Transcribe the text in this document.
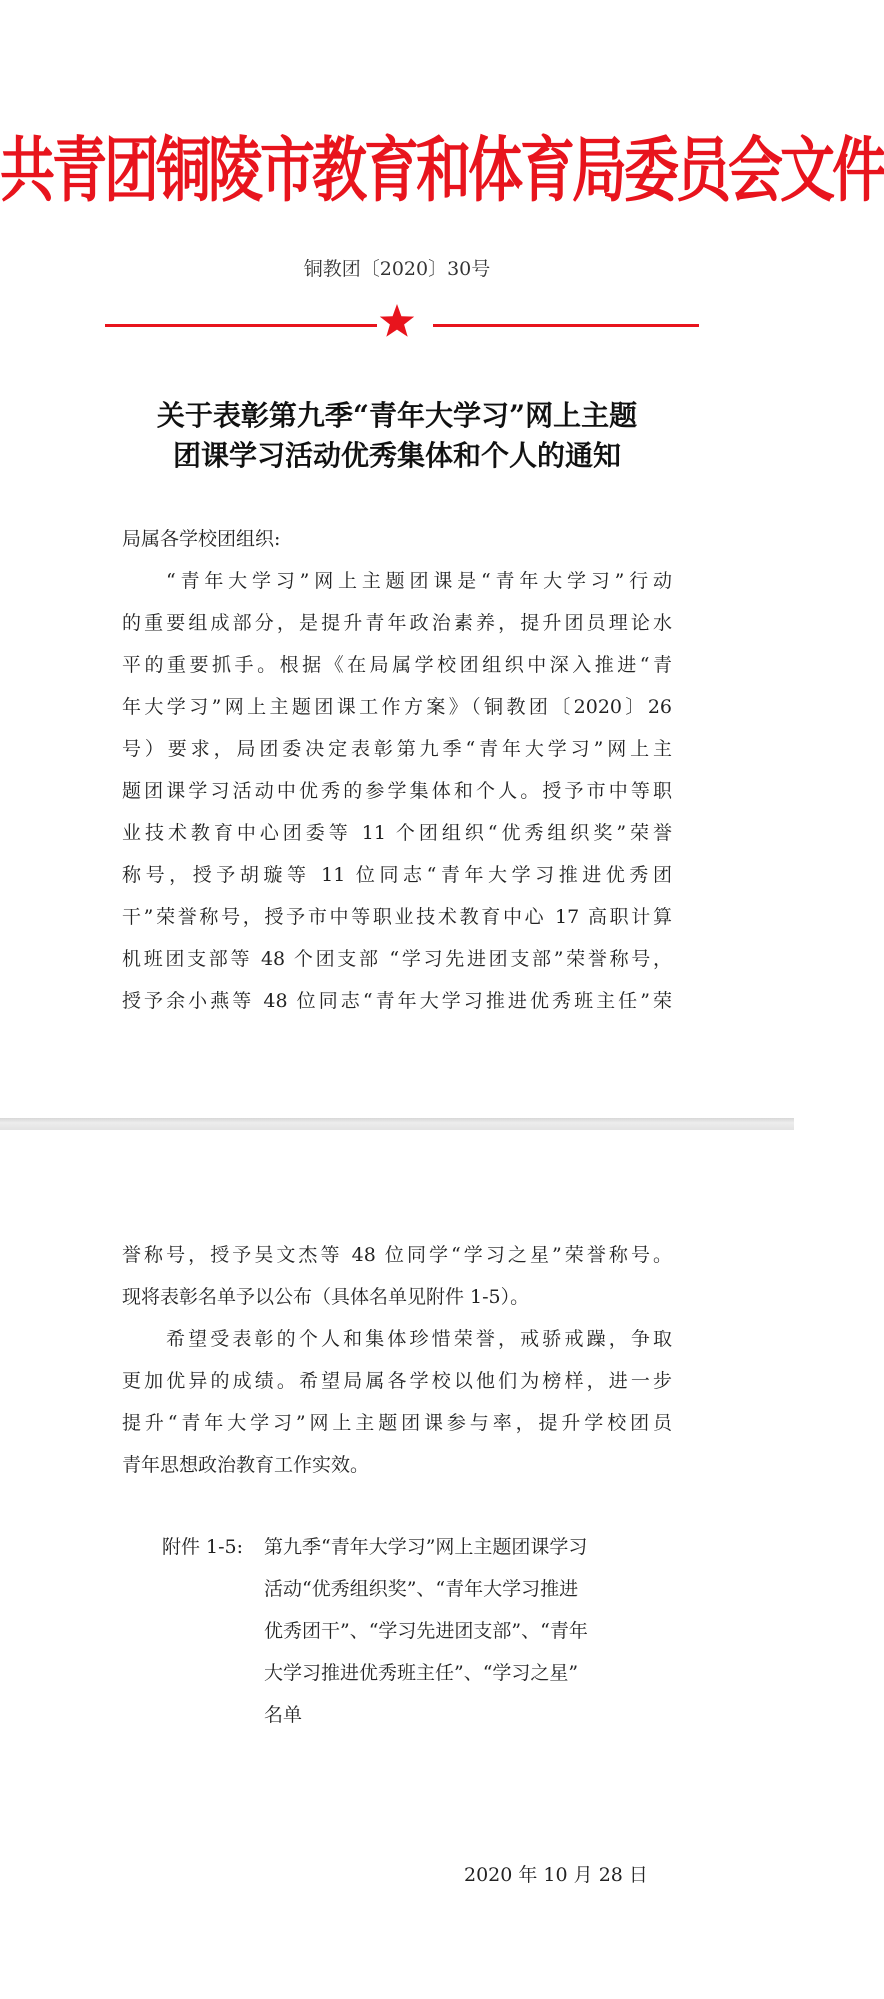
共青团铜陵市教育和体育局委员会文件
铜教团〔2020〕30号
关于表彰第九季“青年大学习”网上主题
团课学习活动优秀集体和个人的通知
局属各学校团组织:
“青年大学习”网上主题团课是“青年大学习”行动
的重要组成部分，是提升青年政治素养，提升团员理论水
平的重要抓手。根据《在局属学校团组织中深入推进“青
年大学习”网上主题团课工作方案》（铜教团〔2020〕26
号）要求，局团委决定表彰第九季“青年大学习”网上主
题团课学习活动中优秀的参学集体和个人。授予市中等职
业技术教育中心团委等 11 个团组织“优秀组织奖”荣誉
称号，授予胡璇等 11 位同志“青年大学习推进优秀团
干”荣誉称号，授予市中等职业技术教育中心 17 高职计算
机班团支部等 48 个团支部 “学习先进团支部”荣誉称号，
授予余小燕等 48 位同志“青年大学习推进优秀班主任”荣
誉称号，授予吴文杰等 48 位同学“学习之星”荣誉称号。
现将表彰名单予以公布（具体名单见附件 1-5）。
希望受表彰的个人和集体珍惜荣誉，戒骄戒躁，争取
更加优异的成绩。希望局属各学校以他们为榜样，进一步
提升“青年大学习”网上主题团课参与率，提升学校团员
青年思想政治教育工作实效。
附件 1-5: 第九季“青年大学习”网上主题团课学习
活动“优秀组织奖”、“青年大学习推进
优秀团干”、“学习先进团支部”、“青年
大学习推进优秀班主任”、“学习之星”
名单
2020 年 10 月 28 日
